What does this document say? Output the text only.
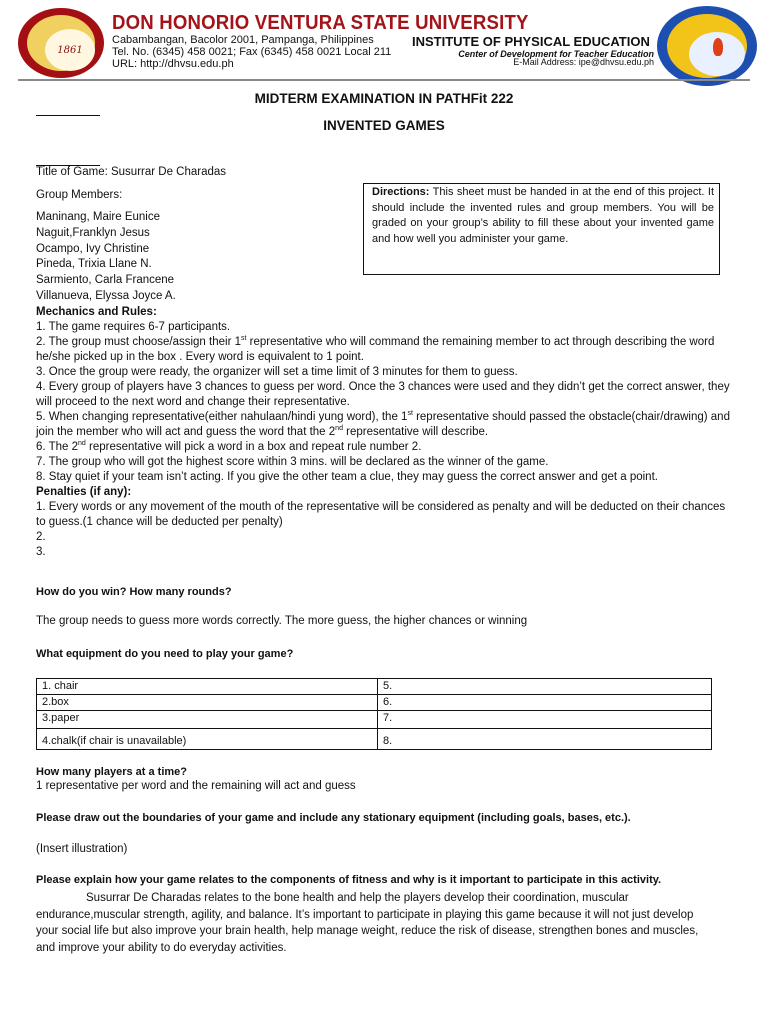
1861
DON HONORIO VENTURA STATE UNIVERSITY
Cabambangan, Bacolor 2001, Pampanga, Philippines
Tel. No. (6345) 458 0021; Fax (6345) 458 0021 Local 211
URL: http://dhvsu.edu.ph
INSTITUTE OF PHYSICAL EDUCATION
Center of Development for Teacher Education
E-Mail Address: ipe@dhvsu.edu.ph
MIDTERM EXAMINATION IN PATHFit 222
INVENTED GAMES
Title of Game: Susurrar De Charadas
Group Members:
Maninang, Maire Eunice
Naguit,Franklyn Jesus
Ocampo, Ivy Christine
Pineda, Trixia Llane N.
Sarmiento, Carla Francene
Villanueva, Elyssa Joyce A.
Directions: This sheet must be handed in at the end of this project. It should include the invented rules and group members. You will be graded on your group’s ability to fill these about your invented game and how well you administer your game.

Mechanics and Rules:

1. The game requires 6-7 participants.

2. The group must choose/assign their 1st representative who will command the remaining member to act through describing the word he/she picked up in the box . Every word is equivalent to 1 point.

3. Once the group were ready, the organizer will set a time limit of 3 minutes for them to guess.

4. Every group of players have 3 chances to guess per word. Once the 3 chances were used and they didn’t get the correct answer, they will proceed to the next word and change their representative.

5. When changing representative(either nahulaan/hindi yung word), the 1st representative should passed the obstacle(chair/drawing) and join the member who will act and guess the word that the 2nd representative will describe.

6. The 2nd representative will pick a word in a box and repeat rule number 2.

7. The group who will got the highest score within 3 mins. will be declared as the winner of the game.

8. Stay quiet if your team isn’t acting. If you give the other team a clue, they may guess the correct answer and get a point.

Penalties (if any):

1. Every words or any movement of the mouth of the representative will be considered as penalty and will be deducted on their chances to guess.(1 chance will be deducted per penalty)

2.

3.

How do you win? How many rounds?
The group needs to guess more words correctly. The more guess, the higher chances or winning
What equipment do you need to play your game?
1. chair	5.
2.box	6.
3.paper	7.
4.chalk(if chair is unavailable)	8.
How many players at a time?
1 representative per word and the remaining will act and guess
Please draw out the boundaries of your game and include any stationary equipment (including goals, bases, etc.).
(Insert illustration)
Please explain how your game relates to the components of fitness and why is it important to participate in this activity.
Susurrar De Charadas relates to the bone health and help the players develop their coordination, muscular endurance,muscular strength, agility, and balance. It’s important to participate in playing this game because it will not just develop your social life but also improve your brain health, help manage weight, reduce the risk of disease, strengthen bones and muscles, and improve your ability to do everyday activities.
